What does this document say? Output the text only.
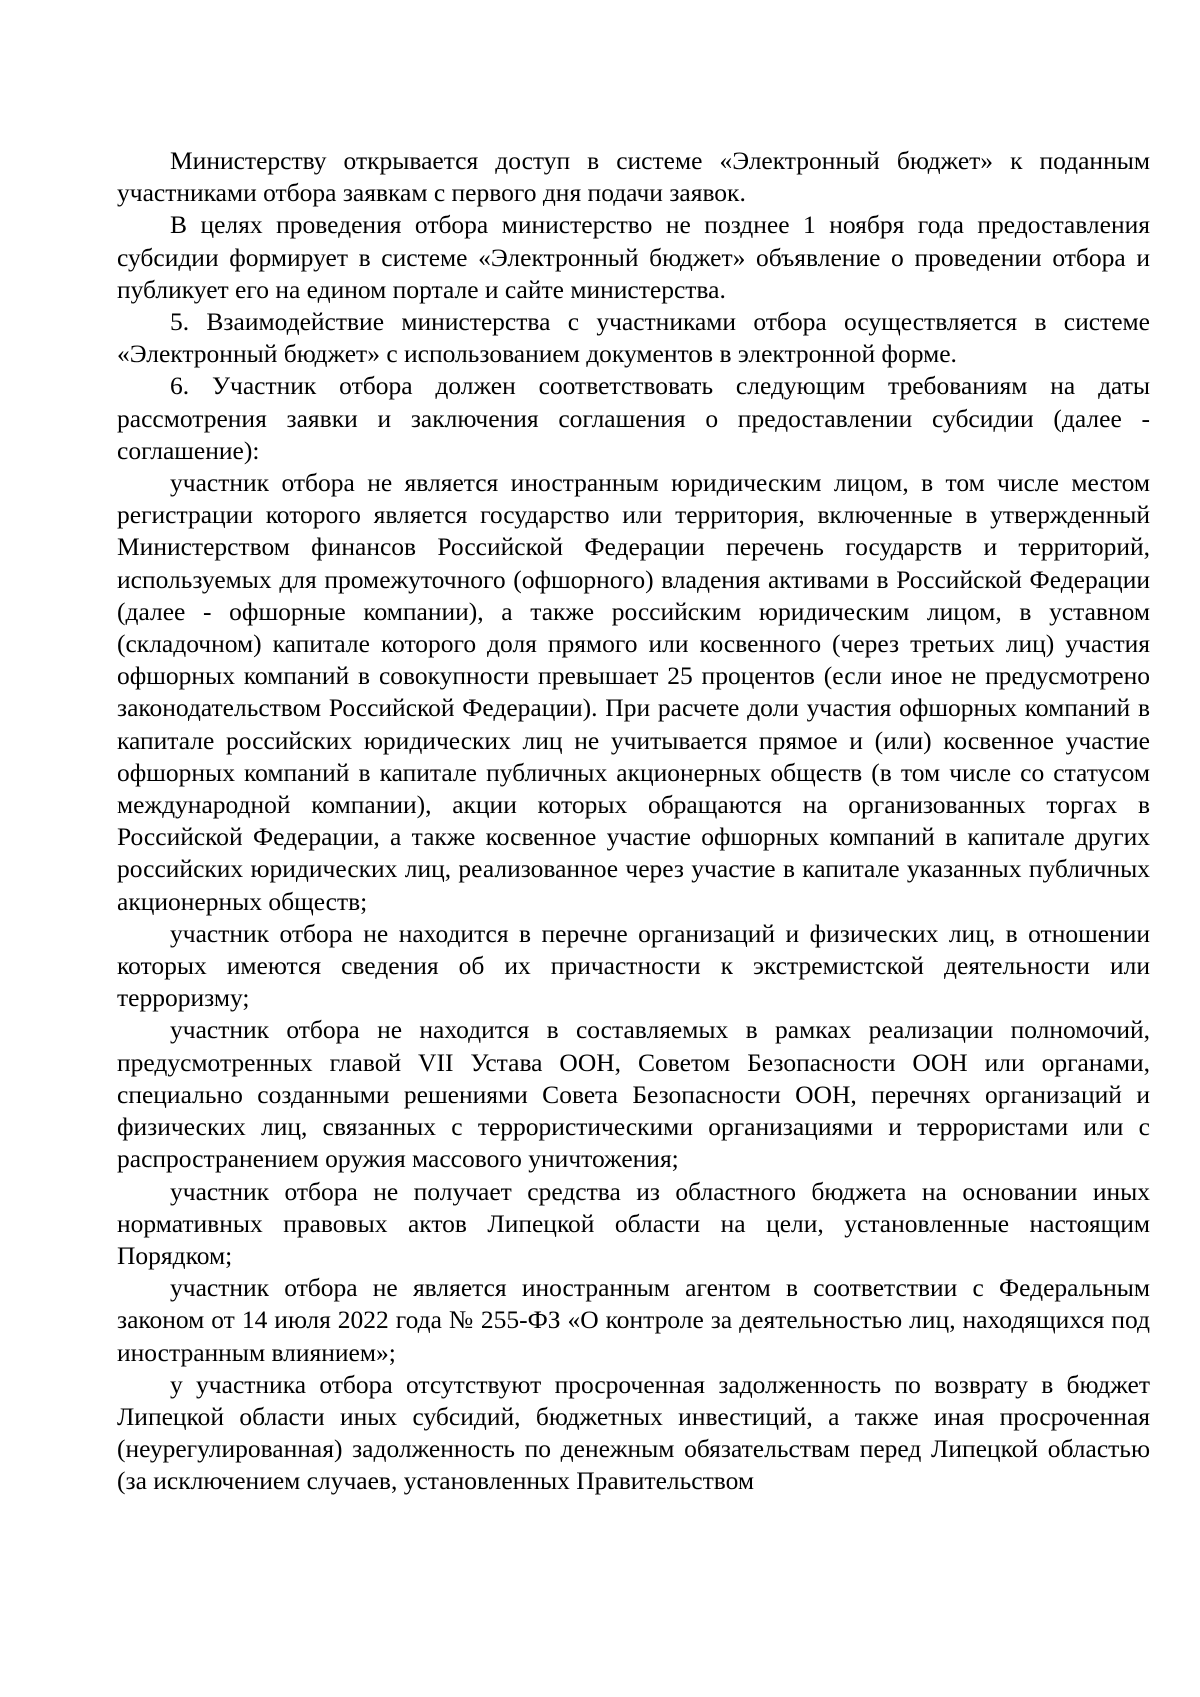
Министерству открывается доступ в системе «Электронный бюджет» к поданным участниками отбора заявкам с первого дня подачи заявок.

В целях проведения отбора министерство не позднее 1 ноября года предоставления субсидии формирует в системе «Электронный бюджет» объявление о проведении отбора и публикует его на едином портале и сайте министерства.

5. Взаимодействие министерства с участниками отбора осуществляется в системе «Электронный бюджет» с использованием документов в электронной форме.

6. Участник отбора должен соответствовать следующим требованиям на даты рассмотрения заявки и заключения соглашения о предоставлении субсидии (далее - соглашение):

участник отбора не является иностранным юридическим лицом, в том числе местом регистрации которого является государство или территория, включенные в утвержденный Министерством финансов Российской Федерации перечень государств и территорий, используемых для промежуточного (офшорного) владения активами в Российской Федерации (далее - офшорные компании), а также российским юридическим лицом, в уставном (складочном) капитале которого доля прямого или косвенного (через третьих лиц) участия офшорных компаний в совокупности превышает 25 процентов (если иное не предусмотрено законодательством Российской Федерации). При расчете доли участия офшорных компаний в капитале российских юридических лиц не учитывается прямое и (или) косвенное участие офшорных компаний в капитале публичных акционерных обществ (в том числе со статусом международной компании), акции которых обращаются на организованных торгах в Российской Федерации, а также косвенное участие офшорных компаний в капитале других российских юридических лиц, реализованное через участие в капитале указанных публичных акционерных обществ;

участник отбора не находится в перечне организаций и физических лиц, в отношении которых имеются сведения об их причастности к экстремистской деятельности или терроризму;

участник отбора не находится в составляемых в рамках реализации полномочий, предусмотренных главой VII Устава ООН, Советом Безопасности ООН или органами, специально созданными решениями Совета Безопасности ООН, перечнях организаций и физических лиц, связанных с террористическими организациями и террористами или с распространением оружия массового уничтожения;

участник отбора не получает средства из областного бюджета на основании иных нормативных правовых актов Липецкой области на цели, установленные настоящим Порядком;

участник отбора не является иностранным агентом в соответствии с Федеральным законом от 14 июля 2022 года № 255-ФЗ «О контроле за деятельностью лиц, находящихся под иностранным влиянием»;

у участника отбора отсутствуют просроченная задолженность по возврату в бюджет Липецкой области иных субсидий, бюджетных инвестиций, а также иная просроченная (неурегулированная) задолженность по денежным обязательствам перед Липецкой областью (за исключением случаев, установленных Правительством
